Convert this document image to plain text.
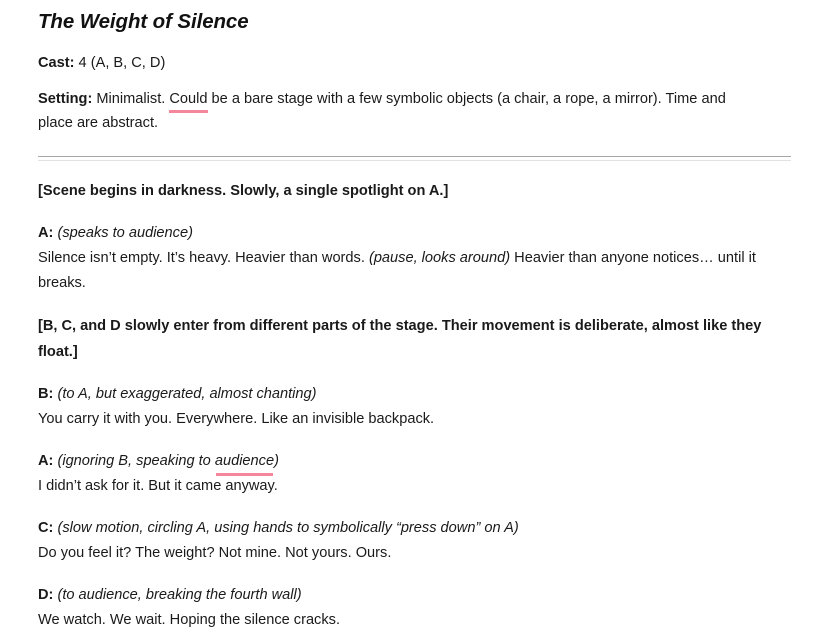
The Weight of Silence

Cast: 4 (A, B, C, D)

Setting: Minimalist. Could be a bare stage with a few symbolic objects (a chair, a rope, a mirror). Time and place are abstract.

[Scene begins in darkness. Slowly, a single spotlight on A.]

A: (speaks to audience)
Silence isn’t empty. It’s heavy. Heavier than words. (pause, looks around) Heavier than anyone notices… until it breaks.

[B, C, and D slowly enter from different parts of the stage. Their movement is deliberate, almost like they float.]

B: (to A, but exaggerated, almost chanting)
You carry it with you. Everywhere. Like an invisible backpack.

A: (ignoring B, speaking to audience)
I didn’t ask for it. But it came anyway.

C: (slow motion, circling A, using hands to symbolically “press down” on A)
Do you feel it? The weight? Not mine. Not yours. Ours.

D: (to audience, breaking the fourth wall)
We watch. We wait. Hoping the silence cracks.
